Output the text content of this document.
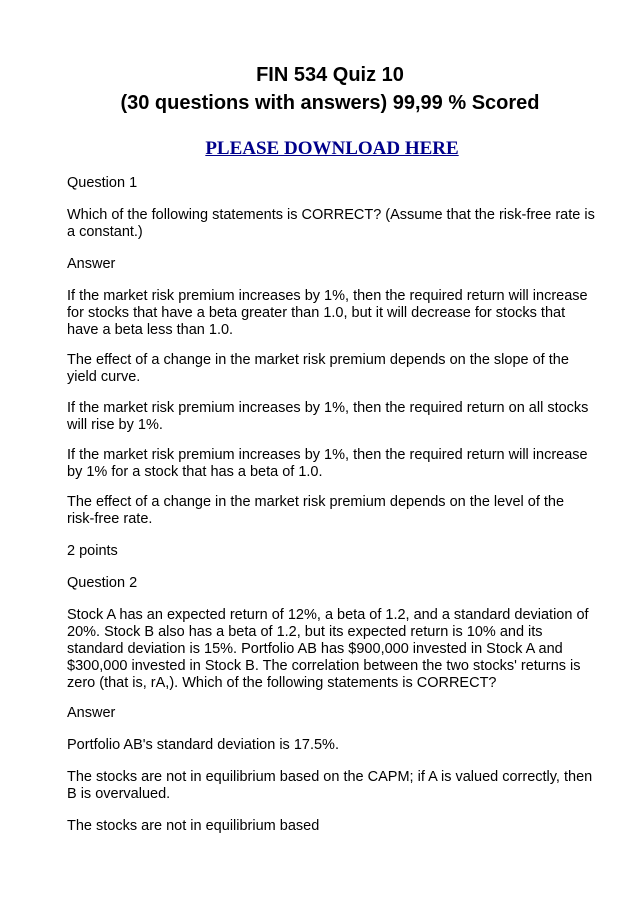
FIN 534 Quiz 10
(30 questions with answers) 99,99 % Scored
PLEASE DOWNLOAD HERE

Question 1

Which of the following statements is CORRECT? (Assume that the risk-free rate is a constant.)

Answer

If the market risk premium increases by 1%, then the required return will increase for stocks that have a beta greater than 1.0, but it will decrease for stocks that have a beta less than 1.0.

The effect of a change in the market risk premium depends on the slope of the yield curve.

If the market risk premium increases by 1%, then the required return on all stocks will rise by 1%.

If the market risk premium increases by 1%, then the required return will increase by 1% for a stock that has a beta of 1.0.

The effect of a change in the market risk premium depends on the level of the risk-free rate.

2 points

Question 2

Stock A has an expected return of 12%, a beta of 1.2, and a standard deviation of 20%. Stock B also has a beta of 1.2, but its expected return is 10% and its standard deviation is 15%. Portfolio AB has $900,000 invested in Stock A and $300,000 invested in Stock B. The correlation between the two stocks' returns is zero (that is, rA,). Which of the following statements is CORRECT?

Answer

Portfolio AB's standard deviation is 17.5%.

The stocks are not in equilibrium based on the CAPM; if A is valued correctly, then B is overvalued.

The stocks are not in equilibrium based
